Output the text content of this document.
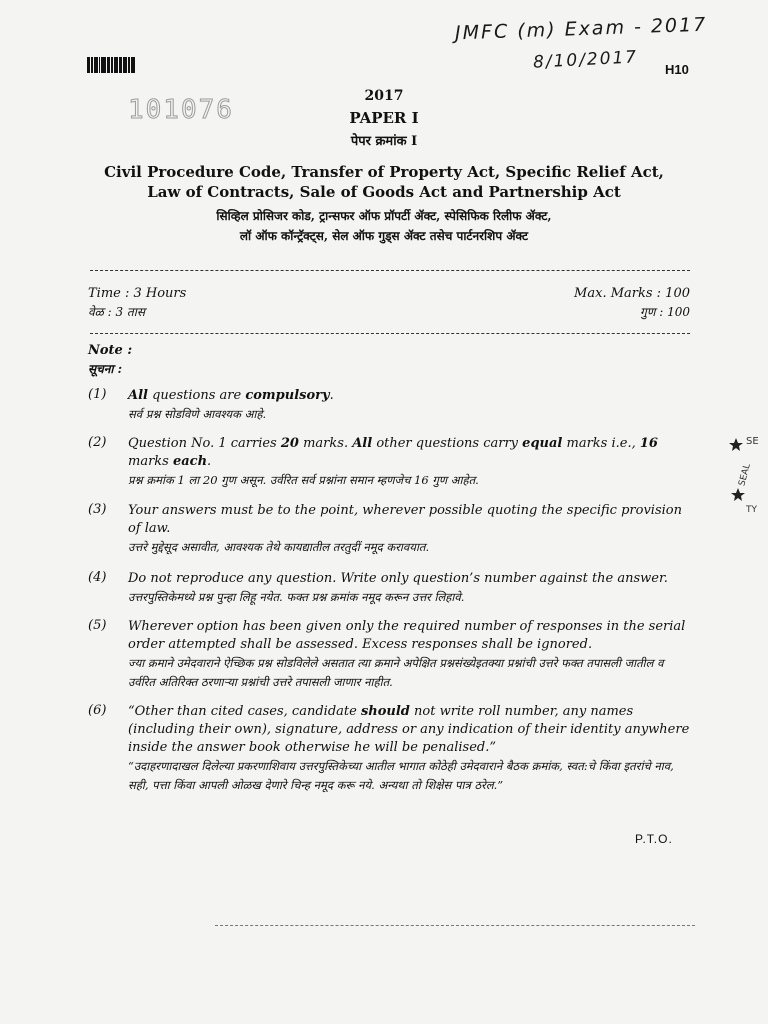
JMFC (m) Exam - 2017
8/10/2017 H10
101076	2017
PAPER I
पेपर क्रमांक I
Civil Procedure Code, Transfer of Property Act, Specific Relief Act,
Law of Contracts, Sale of Goods Act and Partnership Act
सिव्हिल प्रोसिजर कोड, ट्रान्सफर ऑफ प्रॉपर्टी ॲक्ट, स्पेसिफिक रिलीफ ॲक्ट,
लॉ ऑफ कॉन्ट्रॅक्ट्स, सेल ऑफ गुड्स ॲक्ट तसेच पार्टनरशिप ॲक्ट
Time : 3 Hours
वेळ : 3 तास
Max. Marks : 100
गुण : 100
Note :
सूचना :
(1) All questions are compulsory.
सर्व प्रश्न सोडविणे आवश्यक आहे.
(2) Question No. 1 carries 20 marks. All other questions carry equal marks i.e., 16 marks each.
प्रश्न क्रमांक 1 ला 20 गुण असून. उर्वरित सर्व प्रश्नांना समान म्हणजेच 16 गुण आहेत.
(3) Your answers must be to the point, wherever possible quoting the specific provision of law.
उत्तरे मुद्देसूद असावीत, आवश्यक तेथे कायद्यातील तरतुदीं नमूद करावयात.
(4) Do not reproduce any question. Write only question’s number against the answer.
उत्तरपुस्तिकेमध्ये प्रश्न पुन्हा लिहू नयेत. फक्त प्रश्न क्रमांक नमूद करून उत्तर लिहावे.
(5) Wherever option has been given only the required number of responses in the serial order attempted shall be assessed. Excess responses shall be ignored.
ज्या क्रमाने उमेदवाराने ऐच्छिक प्रश्न सोडविलेले असतात त्या क्रमाने अपेक्षित प्रश्नसंख्येइतक्या प्रश्नांची उत्तरे फक्त तपासली जातील व उर्वरित अतिरिक्त ठरणाऱ्या प्रश्नांची उत्तरे तपासली जाणार नाहीत.
(6) “Other than cited cases, candidate should not write roll number, any names (including their own), signature, address or any indication of their identity anywhere inside the answer book otherwise he will be penalised.”
“उदाहरणादाखल दिलेल्या प्रकरणाशिवाय उत्तरपुस्तिकेच्या आतील भागात कोठेही उमेदवाराने बैठक क्रमांक, स्वत:चे किंवा इतरांचे नाव, सही, पत्ता किंवा आपली ओळख देणारे चिन्ह नमूद करू नये. अन्यथा तो शिक्षेस पात्र ठरेल.”
P.T.O.
SE
SEAL
TY
